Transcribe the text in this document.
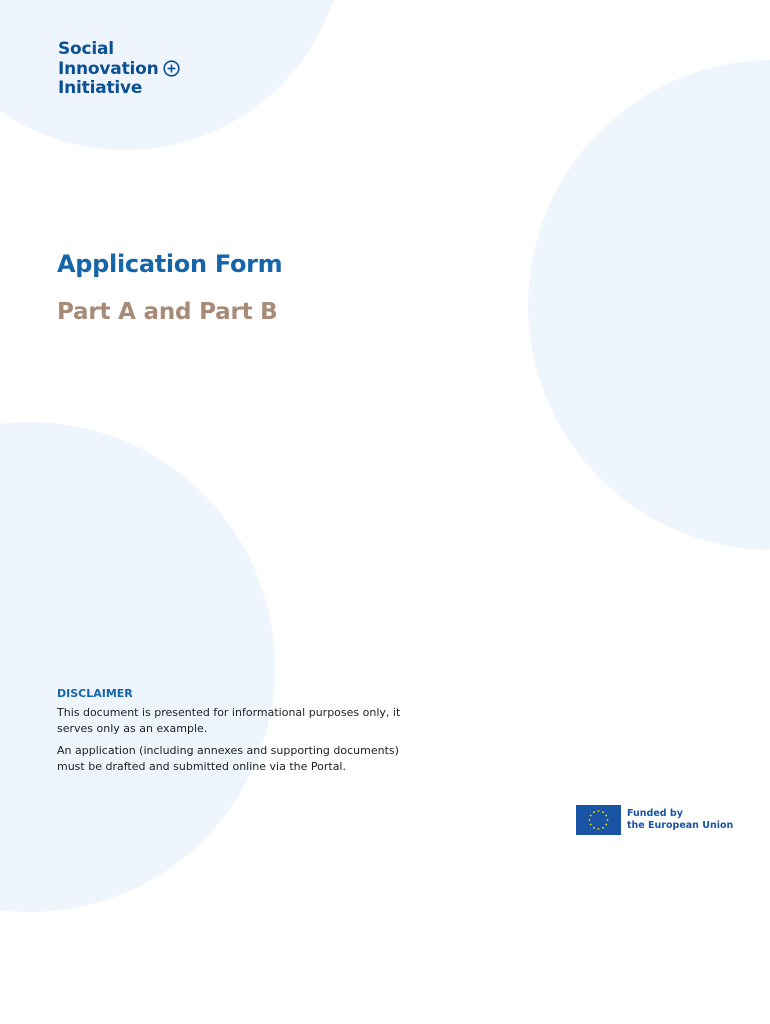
Social
Innovation
Initiative
Application Form
Part A and Part B
DISCLAIMER

This document is presented for informational purposes only, it serves only as an example.

An application (including annexes and supporting documents) must be drafted and submitted online via the Portal.

Funded by
the European Union
